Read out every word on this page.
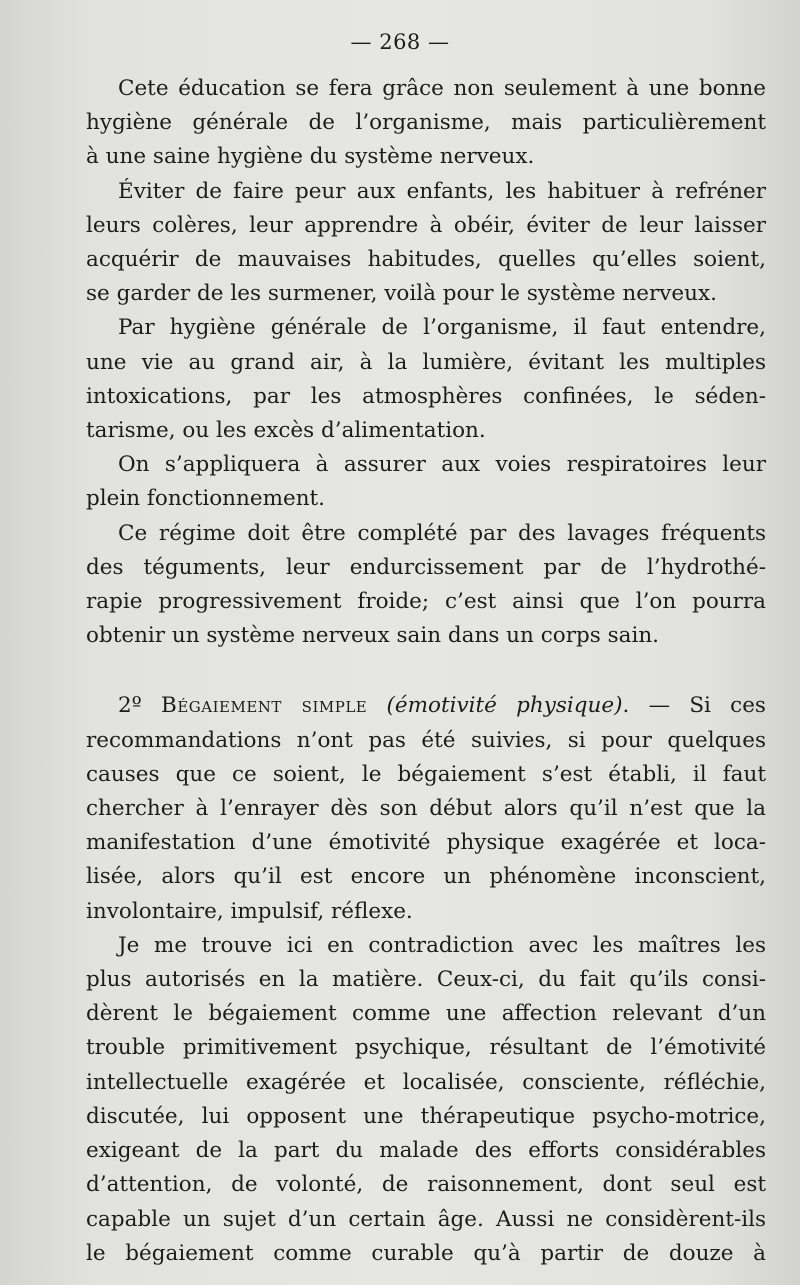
— 268 —

Cete éducation se fera grâce non seulement à une bonne
hygiène générale de l’organisme, mais particulièrement
à une saine hygiène du système nerveux.

Éviter de faire peur aux enfants, les habituer à refréner
leurs colères, leur apprendre à obéir, éviter de leur laisser
acquérir de mauvaises habitudes, quelles qu’elles soient,
se garder de les surmener, voilà pour le système nerveux.

Par hygiène générale de l’organisme, il faut entendre,
une vie au grand air, à la lumière, évitant les multiples
intoxications, par les atmosphères confinées, le séden-
tarisme, ou les excès d’alimentation.

On s’appliquera à assurer aux voies respiratoires leur
plein fonctionnement.

Ce régime doit être complété par des lavages fréquents
des téguments, leur endurcissement par de l’hydrothé-
rapie progressivement froide; c’est ainsi que l’on pourra
obtenir un système nerveux sain dans un corps sain.

2º Bégaiement simple (émotivité physique). — Si ces
recommandations n’ont pas été suivies, si pour quelques
causes que ce soient, le bégaiement s’est établi, il faut
chercher à l’enrayer dès son début alors qu’il n’est que la
manifestation d’une émotivité physique exagérée et loca-
lisée, alors qu’il est encore un phénomène inconscient,
involontaire, impulsif, réflexe.

Je me trouve ici en contradiction avec les maîtres les
plus autorisés en la matière. Ceux-ci, du fait qu’ils consi-
dèrent le bégaiement comme une affection relevant d’un
trouble primitivement psychique, résultant de l’émotivité
intellectuelle exagérée et localisée, consciente, réfléchie,
discutée, lui opposent une thérapeutique psycho-motrice,
exigeant de la part du malade des efforts considérables
d’attention, de volonté, de raisonnement, dont seul est
capable un sujet d’un certain âge. Aussi ne considèrent-ils
le bégaiement comme curable qu’à partir de douze à
